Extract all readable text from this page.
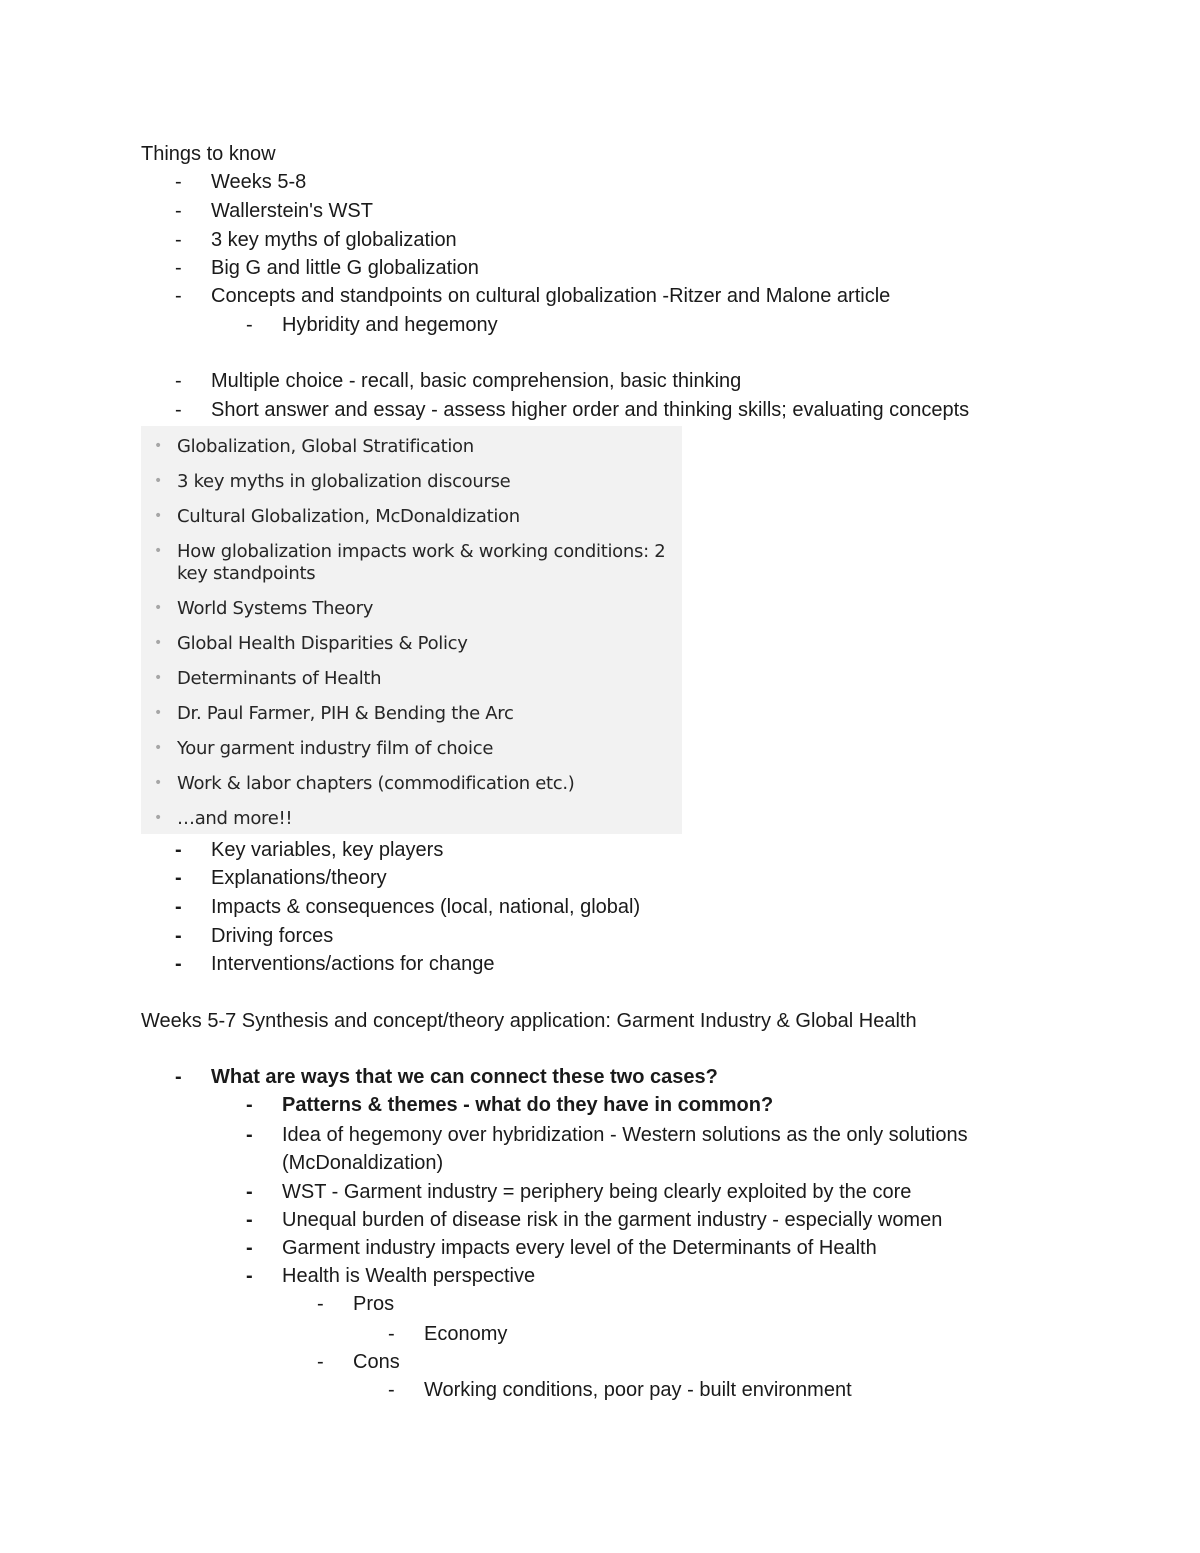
Things to know
-	Weeks 5-8
-	Wallerstein's WST
-	3 key myths of globalization
-	Big G and little G globalization
-	Concepts and standpoints on cultural globalization -Ritzer and Malone article
-	Hybridity and hegemony
-	Multiple choice - recall, basic comprehension, basic thinking
-	Short answer and essay - assess higher order and thinking skills; evaluating concepts
• Globalization, Global Stratification
• 3 key myths in globalization discourse
• Cultural Globalization, McDonaldization
• How globalization impacts work & working conditions: 2
key standpoints
• World Systems Theory
• Global Health Disparities & Policy
• Determinants of Health
• Dr. Paul Farmer, PIH & Bending the Arc
• Your garment industry film of choice
• Work & labor chapters (commodification etc.)
• …and more!!
-	Key variables, key players
-	Explanations/theory
-	Impacts & consequences (local, national, global)
-	Driving forces
-	Interventions/actions for change
Weeks 5-7 Synthesis and concept/theory application: Garment Industry & Global Health
-	What are ways that we can connect these two cases?
-	Patterns & themes - what do they have in common?
-	Idea of hegemony over hybridization - Western solutions as the only solutions
(McDonaldization)
-	WST - Garment industry = periphery being clearly exploited by the core
-	Unequal burden of disease risk in the garment industry - especially women
-	Garment industry impacts every level of the Determinants of Health
-	Health is Wealth perspective
-	Pros
-	Economy
-	Cons
-	Working conditions, poor pay - built environment
